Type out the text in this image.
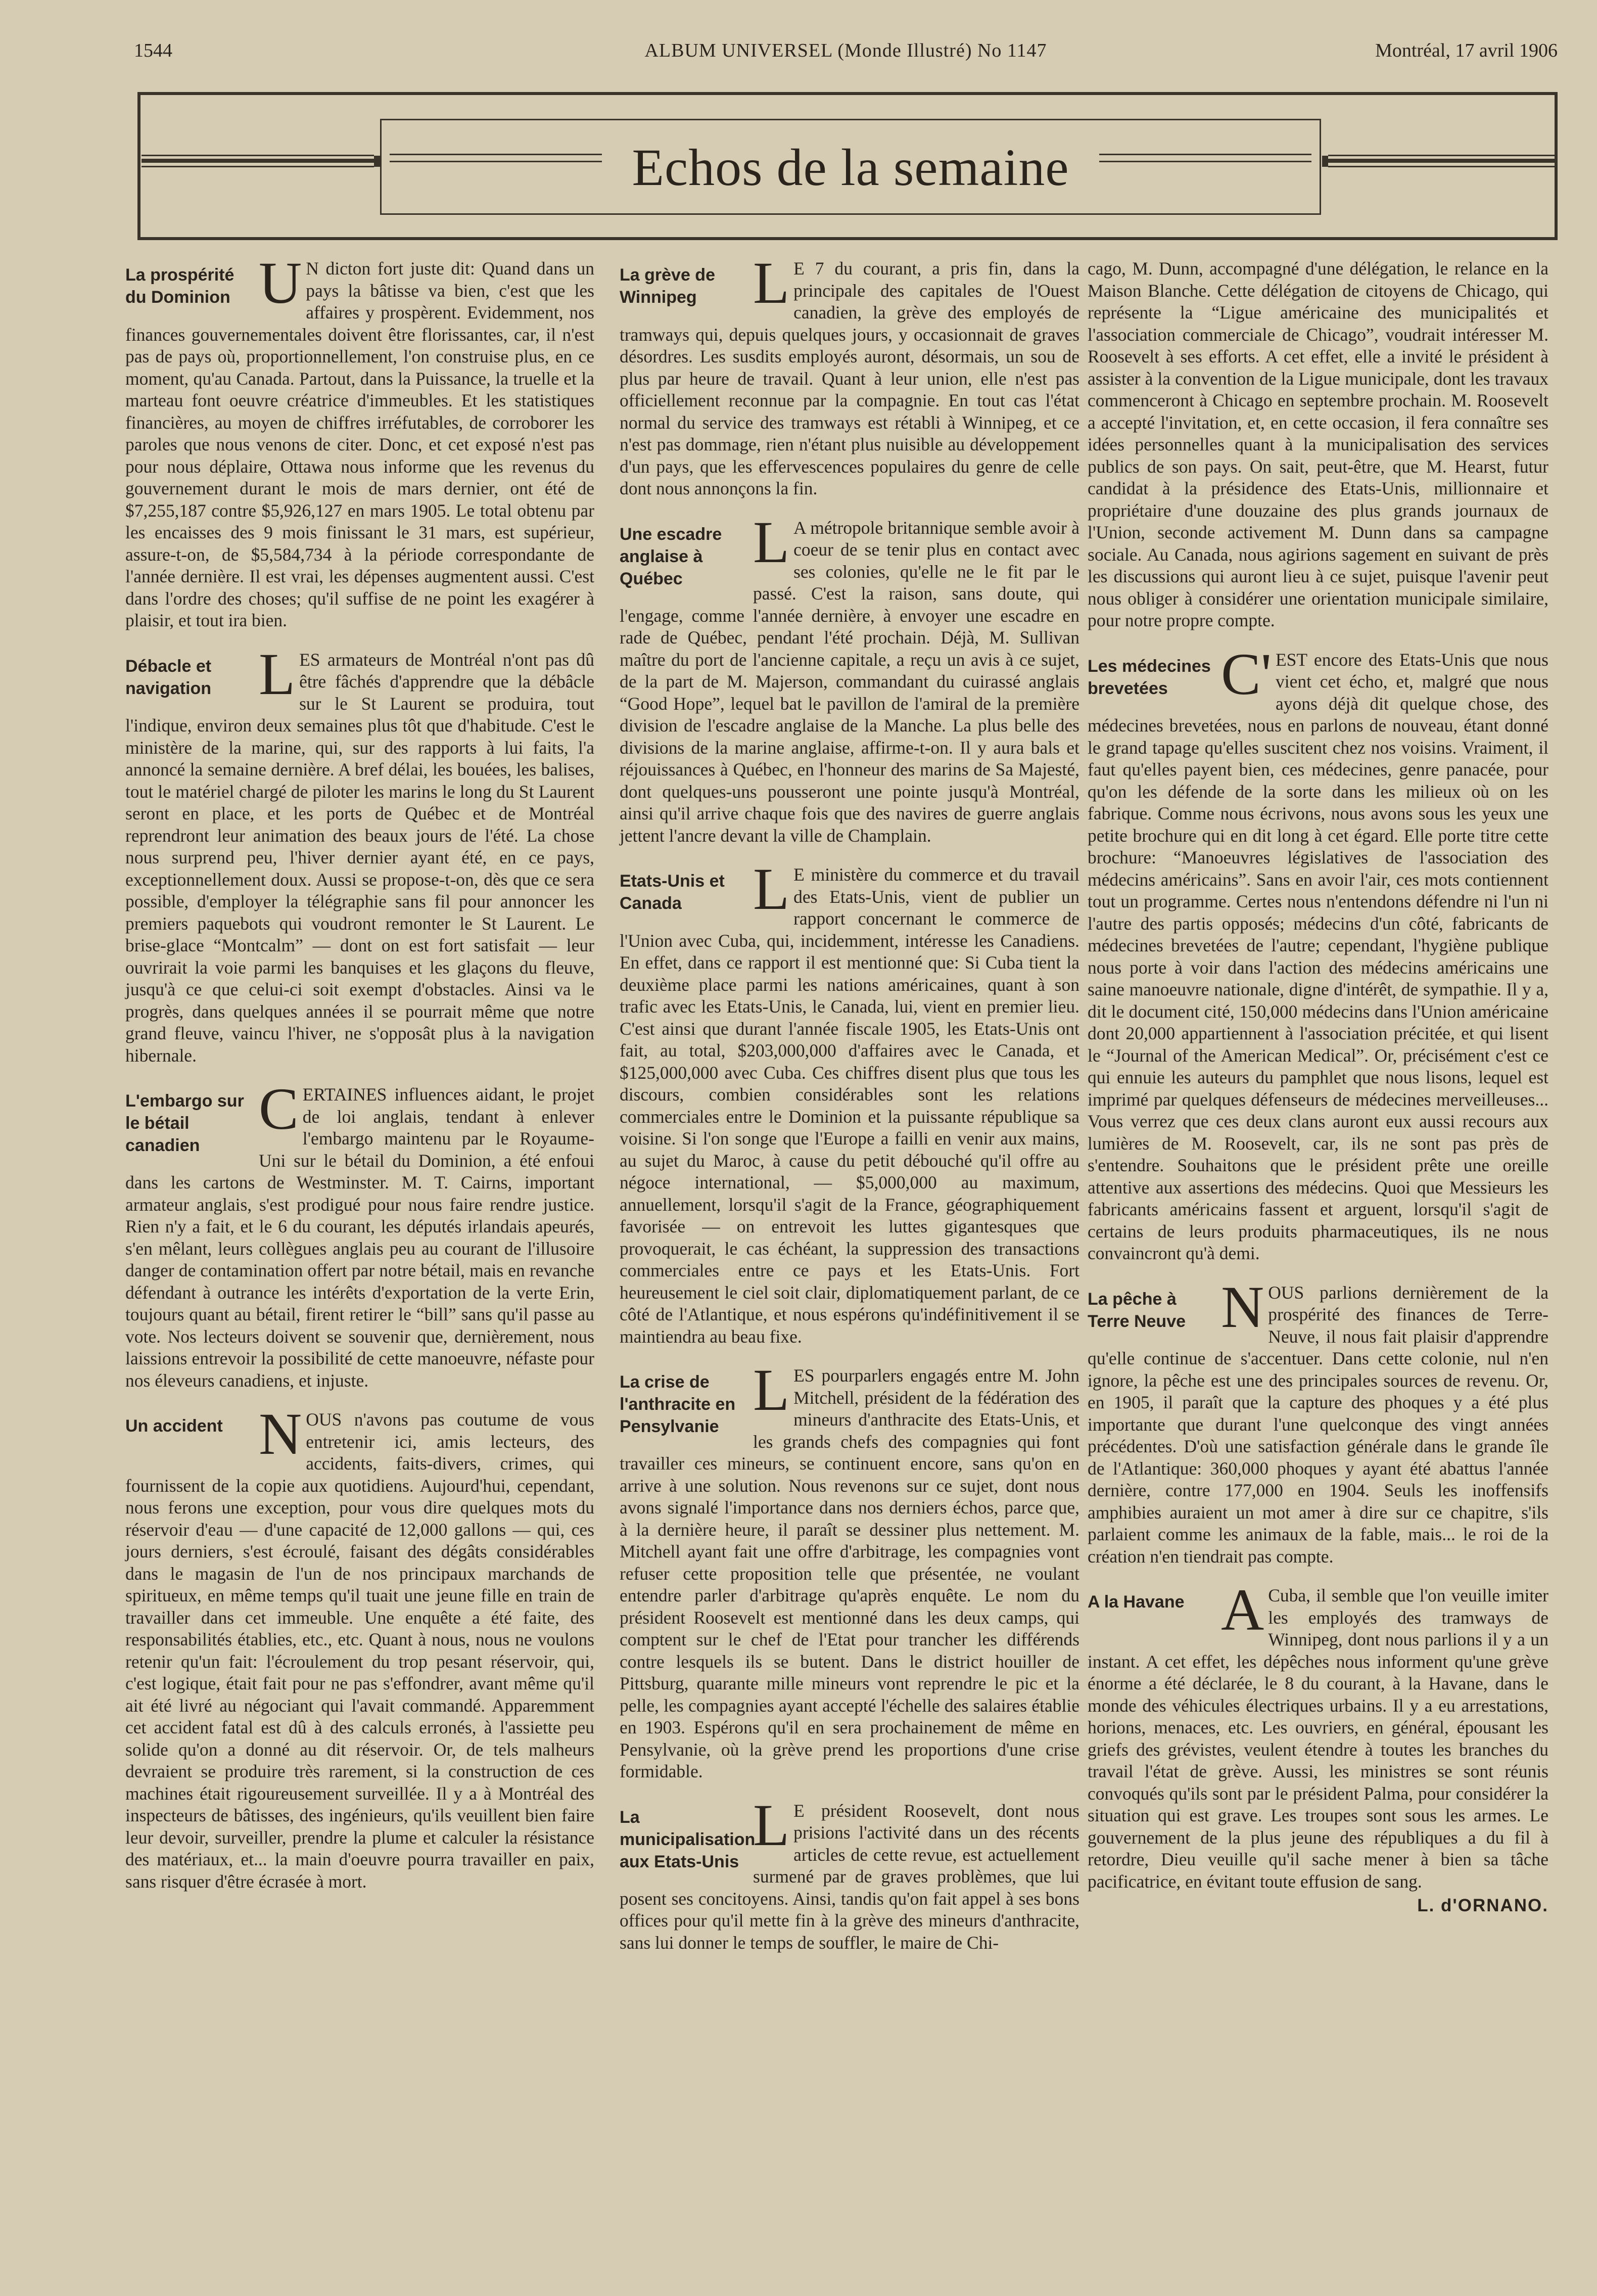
1544	ALBUM UNIVERSEL (Monde Illustré) No 1147	Montréal, 17 avril 1906
Echos de la semaine
La prospérité du Dominion	UN dicton fort juste dit: Quand dans un pays la bâtisse va bien, c'est que les affaires y prospèrent. Evidemment, nos finances gouvernementales doivent être florissantes, car, il n'est pas de pays où, proportionnellement, l'on construise plus, en ce moment, qu'au Canada. Partout, dans la Puissance, la truelle et la marteau font oeuvre créatrice d'immeubles. Et les statistiques financières, au moyen de chiffres irréfutables, de corroborer les paroles que nous venons de citer. Donc, et cet exposé n'est pas pour nous déplaire, Ottawa nous informe que les revenus du gouvernement durant le mois de mars dernier, ont été de $7,255,187 contre $5,926,127 en mars 1905. Le total obtenu par les encaisses des 9 mois finissant le 31 mars, est supérieur, assure-t-on, de $5,584,734 à la période correspondante de l'année dernière. Il est vrai, les dépenses augmentent aussi. C'est dans l'ordre des choses; qu'il suffise de ne point les exagérer à plaisir, et tout ira bien.

Débacle et navigation	LES armateurs de Montréal n'ont pas dû être fâchés d'apprendre que la débâcle sur le St Laurent se produira, tout l'indique, environ deux semaines plus tôt que d'habitude. C'est le ministère de la marine, qui, sur des rapports à lui faits, l'a annoncé la semaine dernière. A bref délai, les bouées, les balises, tout le matériel chargé de piloter les marins le long du St Laurent seront en place, et les ports de Québec et de Montréal reprendront leur animation des beaux jours de l'été. La chose nous surprend peu, l'hiver dernier ayant été, en ce pays, exceptionnellement doux. Aussi se propose-t-on, dès que ce sera possible, d'employer la télégraphie sans fil pour annoncer les premiers paquebots qui voudront remonter le St Laurent. Le brise-glace “Montcalm” — dont on est fort satisfait — leur ouvrirait la voie parmi les banquises et les glaçons du fleuve, jusqu'à ce que celui-ci soit exempt d'obstacles. Ainsi va le progrès, dans quelques années il se pourrait même que notre grand fleuve, vaincu l'hiver, ne s'opposât plus à la navigation hibernale.

L'embargo sur le bétail canadien

CERTAINES influences aidant, le projet de loi anglais, tendant à enlever l'embargo maintenu par le Royaume-Uni sur le bétail du Dominion, a été enfoui dans les cartons de Westminster. M. T. Cairns, important armateur anglais, s'est prodigué pour nous faire rendre justice. Rien n'y a fait, et le 6 du courant, les députés irlandais apeurés, s'en mêlant, leurs collègues anglais peu au courant de l'illusoire danger de contamination offert par notre bétail, mais en revanche défendant à outrance les intérêts d'exportation de la verte Erin, toujours quant au bétail, firent retirer le “bill” sans qu'il passe au vote. Nos lecteurs doivent se souvenir que, dernièrement, nous laissions entrevoir la possibilité de cette manoeuvre, néfaste pour nos éleveurs canadiens, et injuste.

Un accident	NOUS n'avons pas coutume de vous entretenir ici, amis lecteurs, des accidents, faits-divers, crimes, qui fournissent de la copie aux quotidiens. Aujourd'hui, cependant, nous ferons une exception, pour vous dire quelques mots du réservoir d'eau — d'une capacité de 12,000 gallons — qui, ces jours derniers, s'est écroulé, faisant des dégâts considérables dans le magasin de l'un de nos principaux marchands de spiritueux, en même temps qu'il tuait une jeune fille en train de travailler dans cet immeuble. Une enquête a été faite, des responsabilités établies, etc., etc. Quant à nous, nous ne voulons retenir qu'un fait: l'écroulement du trop pesant réservoir, qui, c'est logique, était fait pour ne pas s'effondrer, avant même qu'il ait été livré au négociant qui l'avait commandé. Apparemment cet accident fatal est dû à des calculs erronés, à l'assiette peu solide qu'on a donné au dit réservoir. Or, de tels malheurs devraient se produire très rarement, si la construction de ces machines était rigoureusement surveillée. Il y a à Montréal des inspecteurs de bâtisses, des ingénieurs, qu'ils veuillent bien faire leur devoir, surveiller, prendre la plume et calculer la résistance des matériaux, et... la main d'oeuvre pourra travailler en paix, sans risquer d'être écrasée à mort.

La grève de Winnipeg	LE 7 du courant, a pris fin, dans la principale des capitales de l'Ouest canadien, la grève des employés de tramways qui, depuis quelques jours, y occasionnait de graves désordres. Les susdits employés auront, désormais, un sou de plus par heure de travail. Quant à leur union, elle n'est pas officiellement reconnue par la compagnie. En tout cas l'état normal du service des tramways est rétabli à Winnipeg, et ce n'est pas dommage, rien n'étant plus nuisible au développement d'un pays, que les effervescences populaires du genre de celle dont nous annonçons la fin.

Une escadre anglaise à Québec

LA métropole britannique semble avoir à coeur de se tenir plus en contact avec ses colonies, qu'elle ne le fit par le passé. C'est la raison, sans doute, qui l'engage, comme l'année dernière, à envoyer une escadre en rade de Québec, pendant l'été prochain. Déjà, M. Sullivan maître du port de l'ancienne capitale, a reçu un avis à ce sujet, de la part de M. Majerson, commandant du cuirassé anglais “Good Hope”, lequel bat le pavillon de l'amiral de la première division de l'escadre anglaise de la Manche. La plus belle des divisions de la marine anglaise, affirme-t-on. Il y aura bals et réjouissances à Québec, en l'honneur des marins de Sa Majesté, dont quelques-uns pousseront une pointe jusqu'à Montréal, ainsi qu'il arrive chaque fois que des navires de guerre anglais jettent l'ancre devant la ville de Champlain.

Etats-Unis et Canada	LE ministère du commerce et du travail des Etats-Unis, vient de publier un rapport concernant le commerce de l'Union avec Cuba, qui, incidemment, intéresse les Canadiens. En effet, dans ce rapport il est mentionné que: Si Cuba tient la deuxième place parmi les nations américaines, quant à son trafic avec les Etats-Unis, le Canada, lui, vient en premier lieu. C'est ainsi que durant l'année fiscale 1905, les Etats-Unis ont fait, au total, $203,000,000 d'affaires avec le Canada, et $125,000,000 avec Cuba. Ces chiffres disent plus que tous les discours, combien considérables sont les relations commerciales entre le Dominion et la puissante république sa voisine. Si l'on songe que l'Europe a failli en venir aux mains, au sujet du Maroc, à cause du petit débouché qu'il offre au négoce international, — $5,000,000 au maximum, annuellement, lorsqu'il s'agit de la France, géographiquement favorisée — on entrevoit les luttes gigantesques que provoquerait, le cas échéant, la suppression des transactions commerciales entre ce pays et les Etats-Unis. Fort heureusement le ciel soit clair, diplomatiquement parlant, de ce côté de l'Atlantique, et nous espérons qu'indéfinitivement il se maintiendra au beau fixe.

La crise de l'anthracite en Pensylvanie

LES pourparlers engagés entre M. John Mitchell, président de la fédération des mineurs d'anthracite des Etats-Unis, et les grands chefs des compagnies qui font travailler ces mineurs, se continuent encore, sans qu'on en arrive à une solution. Nous revenons sur ce sujet, dont nous avons signalé l'importance dans nos derniers échos, parce que, à la dernière heure, il paraît se dessiner plus nettement. M. Mitchell ayant fait une offre d'arbitrage, les compagnies vont refuser cette proposition telle que présentée, ne voulant entendre parler d'arbitrage qu'après enquête. Le nom du président Roosevelt est mentionné dans les deux camps, qui comptent sur le chef de l'Etat pour trancher les différends contre lesquels ils se butent. Dans le district houiller de Pittsburg, quarante mille mineurs vont reprendre le pic et la pelle, les compagnies ayant accepté l'échelle des salaires établie en 1903. Espérons qu'il en sera prochainement de même en Pensylvanie, où la grève prend les proportions d'une crise formidable.

La municipalisation aux Etats-Unis

LE président Roosevelt, dont nous prisions l'activité dans un des récents articles de cette revue, est actuellement surmené par de graves problèmes, que lui posent ses concitoyens. Ainsi, tandis qu'on fait appel à ses bons offices pour qu'il mette fin à la grève des mineurs d'anthracite, sans lui donner le temps de souffler, le maire de Chi-

cago, M. Dunn, accompagné d'une délégation, le relance en la Maison Blanche. Cette délégation de citoyens de Chicago, qui représente la “Ligue américaine des municipalités et l'association commerciale de Chicago”, voudrait intéresser M. Roosevelt à ses efforts. A cet effet, elle a invité le président à assister à la convention de la Ligue municipale, dont les travaux commenceront à Chicago en septembre prochain. M. Roosevelt a accepté l'invitation, et, en cette occasion, il fera connaître ses idées personnelles quant à la municipalisation des services publics de son pays. On sait, peut-être, que M. Hearst, futur candidat à la présidence des Etats-Unis, millionnaire et propriétaire d'une douzaine des plus grands journaux de l'Union, seconde activement M. Dunn dans sa campagne sociale. Au Canada, nous agirions sagement en suivant de près les discussions qui auront lieu à ce sujet, puisque l'avenir peut nous obliger à considérer une orientation municipale similaire, pour notre propre compte.

Les médecines brevetées	C'EST encore des Etats-Unis que nous vient cet écho, et, malgré que nous ayons déjà dit quelque chose, des médecines brevetées, nous en parlons de nouveau, étant donné le grand tapage qu'elles suscitent chez nos voisins. Vraiment, il faut qu'elles payent bien, ces médecines, genre panacée, pour qu'on les défende de la sorte dans les milieux où on les fabrique. Comme nous écrivons, nous avons sous les yeux une petite brochure qui en dit long à cet égard. Elle porte titre cette brochure: “Manoeuvres législatives de l'association des médecins américains”. Sans en avoir l'air, ces mots contiennent tout un programme. Certes nous n'entendons défendre ni l'un ni l'autre des partis opposés; médecins d'un côté, fabricants de médecines brevetées de l'autre; cependant, l'hygiène publique nous porte à voir dans l'action des médecins américains une saine manoeuvre nationale, digne d'intérêt, de sympathie. Il y a, dit le document cité, 150,000 médecins dans l'Union américaine dont 20,000 appartiennent à l'association précitée, et qui lisent le “Journal of the American Medical”. Or, précisément c'est ce qui ennuie les auteurs du pamphlet que nous lisons, lequel est imprimé par quelques défenseurs de médecines merveilleuses... Vous verrez que ces deux clans auront eux aussi recours aux lumières de M. Roosevelt, car, ils ne sont pas près de s'entendre. Souhaitons que le président prête une oreille attentive aux assertions des médecins. Quoi que Messieurs les fabricants américains fassent et arguent, lorsqu'il s'agit de certains de leurs produits pharmaceutiques, ils ne nous convaincront qu'à demi.

La pêche à Terre Neuve	NOUS parlions dernièrement de la prospérité des finances de Terre-Neuve, il nous fait plaisir d'apprendre qu'elle continue de s'accentuer. Dans cette colonie, nul n'en ignore, la pêche est une des principales sources de revenu. Or, en 1905, il paraît que la capture des phoques y a été plus importante que durant l'une quelconque des vingt années précédentes. D'où une satisfaction générale dans le grande île de l'Atlantique: 360,000 phoques y ayant été abattus l'année dernière, contre 177,000 en 1904. Seuls les inoffensifs amphibies auraient un mot amer à dire sur ce chapitre, s'ils parlaient comme les animaux de la fable, mais... le roi de la création n'en tiendrait pas compte.

A la Havane	A Cuba, il semble que l'on veuille imiter les employés des tramways de Winnipeg, dont nous parlions il y a un instant. A cet effet, les dépêches nous informent qu'une grève énorme a été déclarée, le 8 du courant, à la Havane, dans le monde des véhicules électriques urbains. Il y a eu arrestations, horions, menaces, etc. Les ouvriers, en général, épousant les griefs des grévistes, veulent étendre à toutes les branches du travail l'état de grève. Aussi, les ministres se sont réunis convoqués qu'ils sont par le président Palma, pour considérer la situation qui est grave. Les troupes sont sous les armes. Le gouvernement de la plus jeune des républiques a du fil à retordre, Dieu veuille qu'il sache mener à bien sa tâche pacificatrice, en évitant toute effusion de sang.

L. d'ORNANO.
